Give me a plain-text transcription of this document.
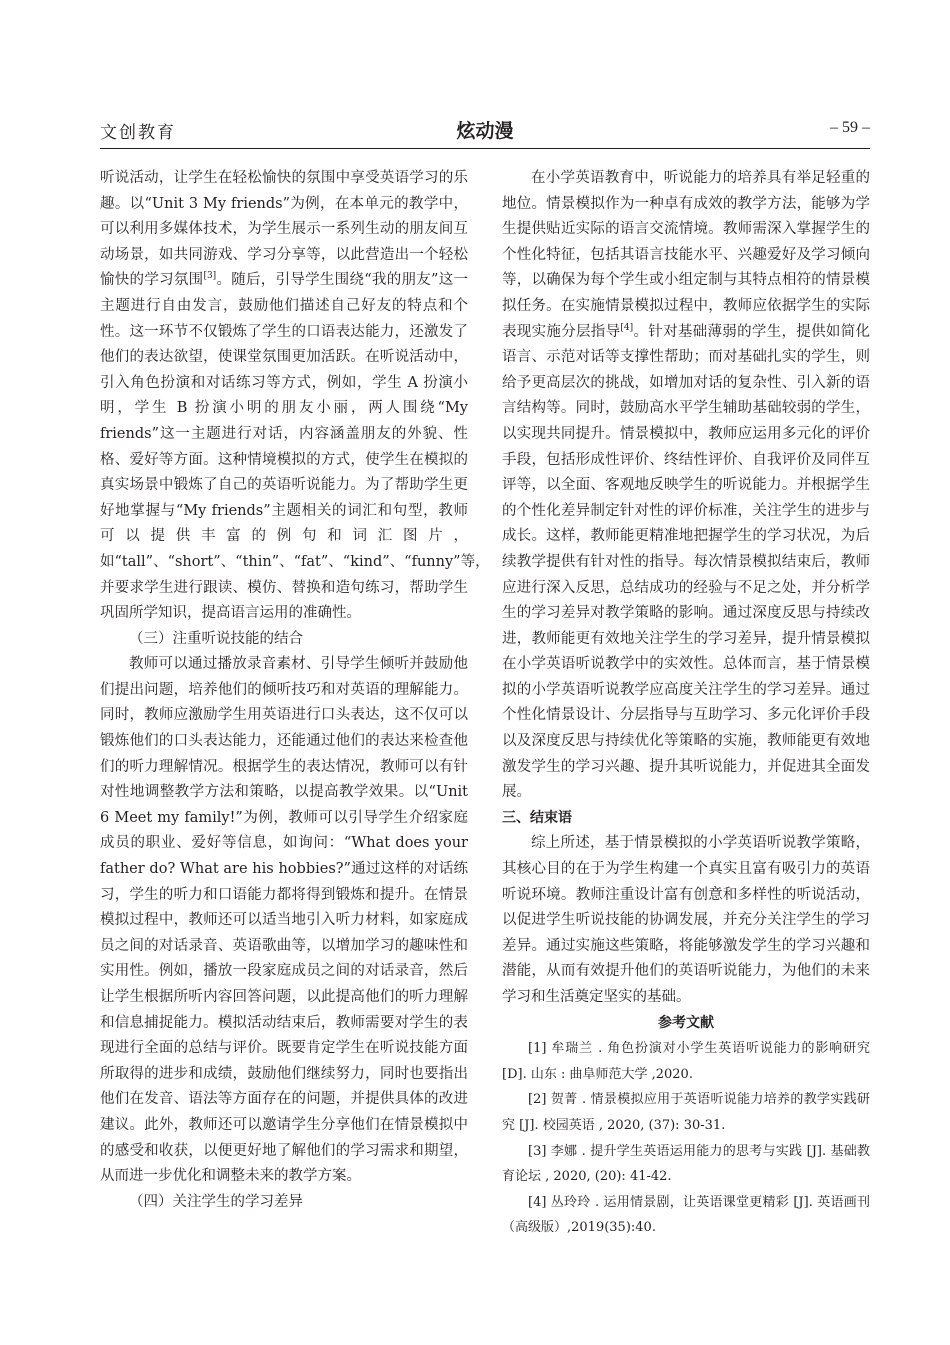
文创教育	炫动漫	– 59 –

听说活动，让学生在轻松愉快的氛围中享受英语学习的乐趣。以“Unit 3 My friends”为例，在本单元的教学中，可以利用多媒体技术，为学生展示一系列生动的朋友间互动场景，如共同游戏、学习分享等，以此营造出一个轻松愉快的学习氛围[3]。随后，引导学生围绕“我的朋友”这一主题进行自由发言，鼓励他们描述自己好友的特点和个性。这一环节不仅锻炼了学生的口语表达能力，还激发了他们的表达欲望，使课堂氛围更加活跃。在听说活动中，引入角色扮演和对话练习等方式，例如，学生 A 扮演小明，学生 B 扮演小明的朋友小丽，两人围绕“My friends”这一主题进行对话，内容涵盖朋友的外貌、性格、爱好等方面。这种情境模拟的方式，使学生在模拟的真实场景中锻炼了自己的英语听说能力。为了帮助学生更好地掌握与“My friends”主题相关的词汇和句型，教师可以提供丰富的例句和词汇图片，如“tall”、“short”、“thin”、“fat”、“kind”、“funny”等，并要求学生进行跟读、模仿、替换和造句练习，帮助学生巩固所学知识，提高语言运用的准确性。

（三）注重听说技能的结合

教师可以通过播放录音素材、引导学生倾听并鼓励他们提出问题，培养他们的倾听技巧和对英语的理解能力。同时，教师应激励学生用英语进行口头表达，这不仅可以锻炼他们的口头表达能力，还能通过他们的表达来检查他们的听力理解情况。根据学生的表达情况，教师可以有针对性地调整教学方法和策略，以提高教学效果。以“Unit 6 Meet my family!”为例，教师可以引导学生介绍家庭成员的职业、爱好等信息，如询问：“What does your father do? What are his hobbies?”通过这样的对话练习，学生的听力和口语能力都将得到锻炼和提升。在情景模拟过程中，教师还可以适当地引入听力材料，如家庭成员之间的对话录音、英语歌曲等，以增加学习的趣味性和实用性。例如，播放一段家庭成员之间的对话录音，然后让学生根据所听内容回答问题，以此提高他们的听力理解和信息捕捉能力。模拟活动结束后，教师需要对学生的表现进行全面的总结与评价。既要肯定学生在听说技能方面所取得的进步和成绩，鼓励他们继续努力，同时也要指出他们在发音、语法等方面存在的问题，并提供具体的改进建议。此外，教师还可以邀请学生分享他们在情景模拟中的感受和收获，以便更好地了解他们的学习需求和期望，从而进一步优化和调整未来的教学方案。

（四）关注学生的学习差异

在小学英语教育中，听说能力的培养具有举足轻重的地位。情景模拟作为一种卓有成效的教学方法，能够为学生提供贴近实际的语言交流情境。教师需深入掌握学生的个性化特征，包括其语言技能水平、兴趣爱好及学习倾向等，以确保为每个学生或小组定制与其特点相符的情景模拟任务。在实施情景模拟过程中，教师应依据学生的实际表现实施分层指导[4]。针对基础薄弱的学生，提供如简化语言、示范对话等支撑性帮助；而对基础扎实的学生，则给予更高层次的挑战，如增加对话的复杂性、引入新的语言结构等。同时，鼓励高水平学生辅助基础较弱的学生，以实现共同提升。情景模拟中，教师应运用多元化的评价手段，包括形成性评价、终结性评价、自我评价及同伴互评等，以全面、客观地反映学生的听说能力。并根据学生的个性化差异制定针对性的评价标准，关注学生的进步与成长。这样，教师能更精准地把握学生的学习状况，为后续教学提供有针对性的指导。每次情景模拟结束后，教师应进行深入反思，总结成功的经验与不足之处，并分析学生的学习差异对教学策略的影响。通过深度反思与持续改进，教师能更有效地关注学生的学习差异，提升情景模拟在小学英语听说教学中的实效性。总体而言，基于情景模拟的小学英语听说教学应高度关注学生的学习差异。通过个性化情景设计、分层指导与互助学习、多元化评价手段以及深度反思与持续优化等策略的实施，教师能更有效地激发学生的学习兴趣、提升其听说能力，并促进其全面发展。

三、结束语

综上所述，基于情景模拟的小学英语听说教学策略，其核心目的在于为学生构建一个真实且富有吸引力的英语听说环境。教师注重设计富有创意和多样性的听说活动，以促进学生听说技能的协调发展，并充分关注学生的学习差异。通过实施这些策略，将能够激发学生的学习兴趣和潜能，从而有效提升他们的英语听说能力，为他们的未来学习和生活奠定坚实的基础。

参考文献

[1] 牟瑞兰 . 角色扮演对小学生英语听说能力的影响研究 [D]. 山东 : 曲阜师范大学 ,2020.

[2] 贺菁 . 情景模拟应用于英语听说能力培养的教学实践研究 [J]. 校园英语 , 2020, (37): 30-31.

[3] 李娜 . 提升学生英语运用能力的思考与实践 [J]. 基础教育论坛 , 2020, (20): 41-42.

[4] 丛玲玲 . 运用情景剧，让英语课堂更精彩 [J]. 英语画刊（高级版）,2019(35):40.
